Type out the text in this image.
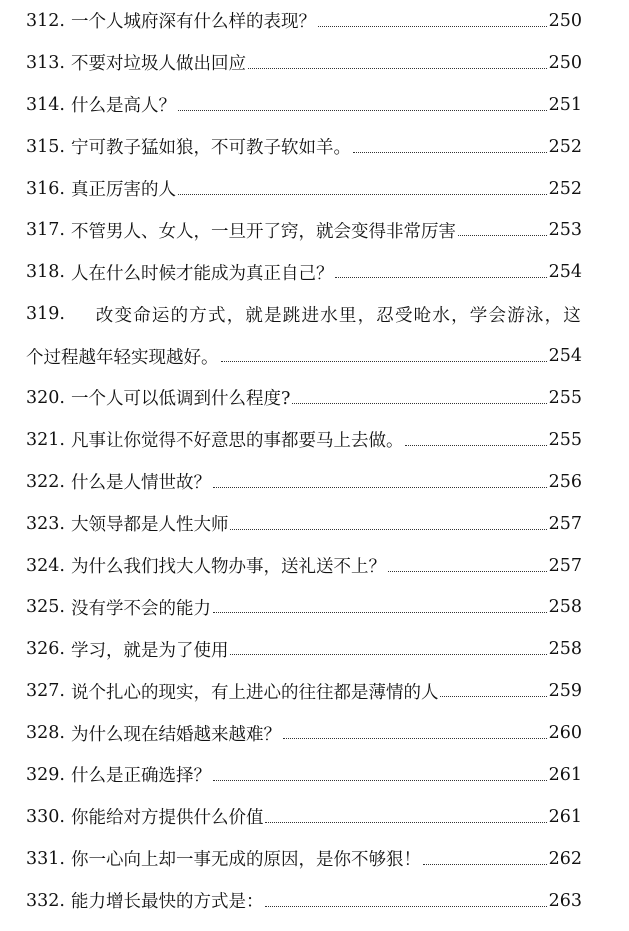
312. 一个人城府深有什么样的表现？	250
313. 不要对垃圾人做出回应	250
314. 什么是高人？	251
315. 宁可教子猛如狼，不可教子软如羊。	252
316. 真正厉害的人	252
317. 不管男人、女人，一旦开了窍，就会变得非常厉害	253
318. 人在什么时候才能成为真正自己？	254
319. 改变命运的方式，就是跳进水里，忍受呛水，学会游泳，这
个过程越年轻实现越好。	254
320. 一个人可以低调到什么程度?	255
321. 凡事让你觉得不好意思的事都要马上去做。	255
322. 什么是人情世故？	256
323. 大领导都是人性大师	257
324. 为什么我们找大人物办事，送礼送不上？	257
325. 没有学不会的能力	258
326. 学习，就是为了使用	258
327. 说个扎心的现实，有上进心的往往都是薄情的人	259
328. 为什么现在结婚越来越难？	260
329. 什么是正确选择？	261
330. 你能给对方提供什么价值	261
331. 你一心向上却一事无成的原因，是你不够狠！	262
332. 能力增长最快的方式是：	263
